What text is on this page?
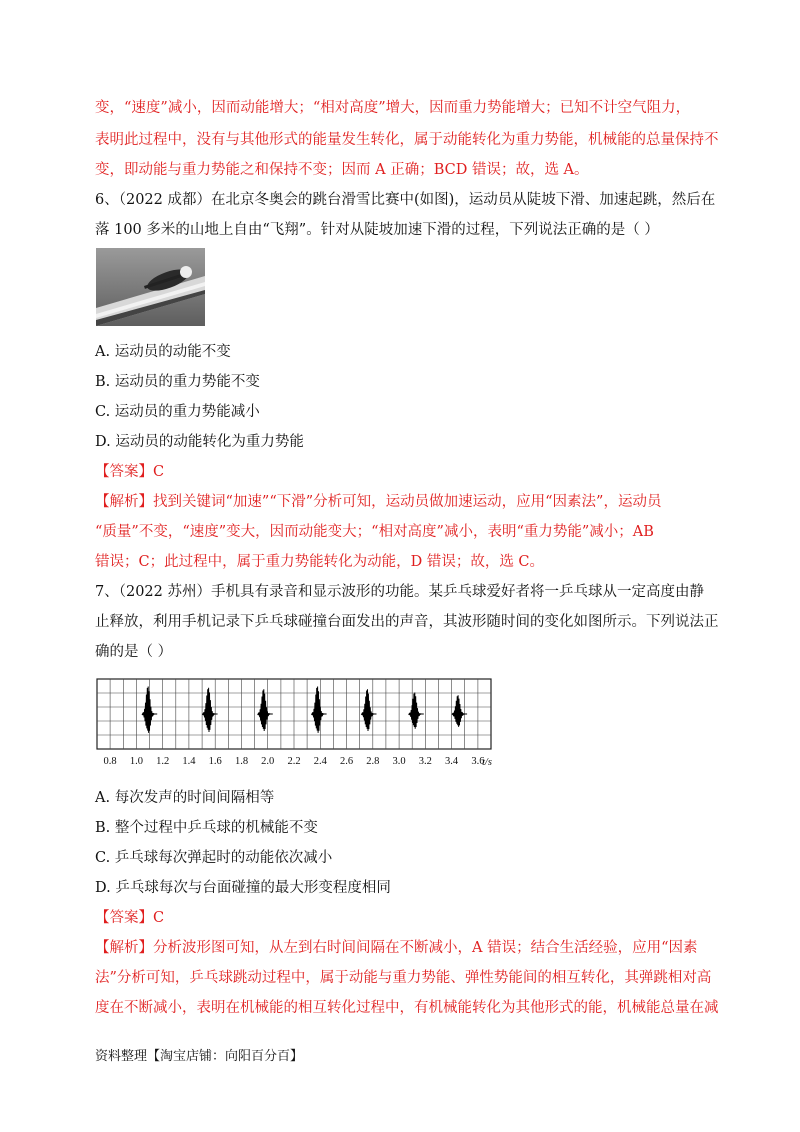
变，“速度”减小，因而动能增大；“相对高度”增大，因而重力势能增大；已知不计空气阻力，
表明此过程中，没有与其他形式的能量发生转化，属于动能转化为重力势能，机械能的总量保持不
变，即动能与重力势能之和保持不变；因而 A 正确；BCD 错误；故，选 A。
6、（2022 成都）在北京冬奥会的跳台滑雪比赛中(如图)，运动员从陡坡下滑、加速起跳，然后在
落 100 多米的山地上自由“飞翔”。针对从陡坡加速下滑的过程，下列说法正确的是（ ）
A. 运动员的动能不变
B. 运动员的重力势能不变
C. 运动员的重力势能减小
D. 运动员的动能转化为重力势能
【答案】C
【解析】找到关键词“加速”“下滑”分析可知，运动员做加速运动，应用“因素法”，运动员
“质量”不变，“速度”变大，因而动能变大；“相对高度”减小，表明“重力势能”减小；AB
错误；C；此过程中，属于重力势能转化为动能，D 错误；故，选 C。
7、（2022 苏州）手机具有录音和显示波形的功能。某乒乓球爱好者将一乒乓球从一定高度由静
止释放，利用手机记录下乒乓球碰撞台面发出的声音，其波形随时间的变化如图所示。下列说法正
确的是（ ）
0.8 1.0 1.2 1.4 1.6 1.8 2.0 2.2 2.4 2.6 2.8 3.0 3.2 3.4 3.6
t/s
A. 每次发声的时间间隔相等
B. 整个过程中乒乓球的机械能不变
C. 乒乓球每次弹起时的动能依次减小
D. 乒乓球每次与台面碰撞的最大形变程度相同
【答案】C
【解析】分析波形图可知，从左到右时间间隔在不断减小，A 错误；结合生活经验，应用“因素
法”分析可知，乒乓球跳动过程中，属于动能与重力势能、弹性势能间的相互转化，其弹跳相对高
度在不断减小，表明在机械能的相互转化过程中，有机械能转化为其他形式的能，机械能总量在减
资料整理【淘宝店铺：向阳百分百】
